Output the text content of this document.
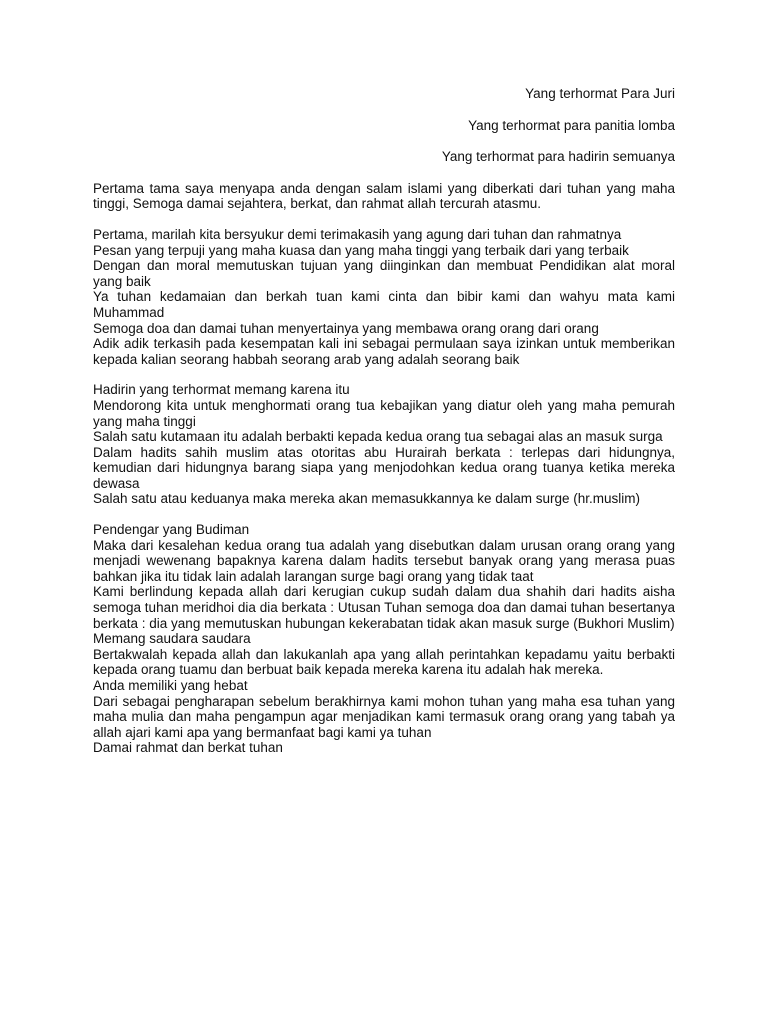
Yang terhormat Para Juri

Yang terhormat para panitia lomba

Yang terhormat para hadirin semuanya

Pertama tama saya menyapa anda dengan salam islami yang diberkati dari tuhan yang maha tinggi, Semoga damai sejahtera, berkat, dan rahmat allah tercurah atasmu.
Pertama, marilah kita bersyukur demi terimakasih yang agung dari tuhan dan rahmatnya
Pesan yang terpuji yang maha kuasa dan yang maha tinggi yang terbaik dari yang terbaik
Dengan dan moral memutuskan tujuan yang diinginkan dan membuat Pendidikan alat moral yang baik
Ya tuhan kedamaian dan berkah tuan kami cinta dan bibir kami dan wahyu mata kami Muhammad
Semoga doa dan damai tuhan menyertainya yang membawa orang orang dari orang
Adik adik terkasih pada kesempatan kali ini sebagai permulaan saya izinkan untuk memberikan kepada kalian seorang habbah seorang arab yang adalah seorang baik
Hadirin yang terhormat memang karena itu
Mendorong kita untuk menghormati orang tua kebajikan yang diatur oleh yang maha pemurah yang maha tinggi
Salah satu kutamaan itu adalah berbakti kepada kedua orang tua sebagai alas an masuk surga
Dalam hadits sahih muslim atas otoritas abu Hurairah berkata : terlepas dari hidungnya, kemudian dari hidungnya barang siapa yang menjodohkan kedua orang tuanya ketika mereka dewasa
Salah satu atau keduanya maka mereka akan memasukkannya ke dalam surge (hr.muslim)
Pendengar yang Budiman
Maka dari kesalehan kedua orang tua adalah yang disebutkan dalam urusan orang orang yang menjadi wewenang bapaknya karena dalam hadits tersebut banyak orang yang merasa puas bahkan jika itu tidak lain adalah larangan surge bagi orang yang tidak taat
Kami berlindung kepada allah dari kerugian cukup sudah dalam dua shahih dari hadits aisha semoga tuhan meridhoi dia dia berkata : Utusan Tuhan semoga doa dan damai tuhan besertanya berkata : dia yang memutuskan hubungan kekerabatan tidak akan masuk surge (Bukhori Muslim)
Memang saudara saudara
Bertakwalah kepada allah dan lakukanlah apa yang allah perintahkan kepadamu yaitu berbakti kepada orang tuamu dan berbuat baik kepada mereka karena itu adalah hak mereka.
Anda memiliki yang hebat
Dari sebagai pengharapan sebelum berakhirnya kami mohon tuhan yang maha esa tuhan yang maha mulia dan maha pengampun agar menjadikan kami termasuk orang orang yang tabah ya allah ajari kami apa yang bermanfaat bagi kami ya tuhan
Damai rahmat dan berkat tuhan
